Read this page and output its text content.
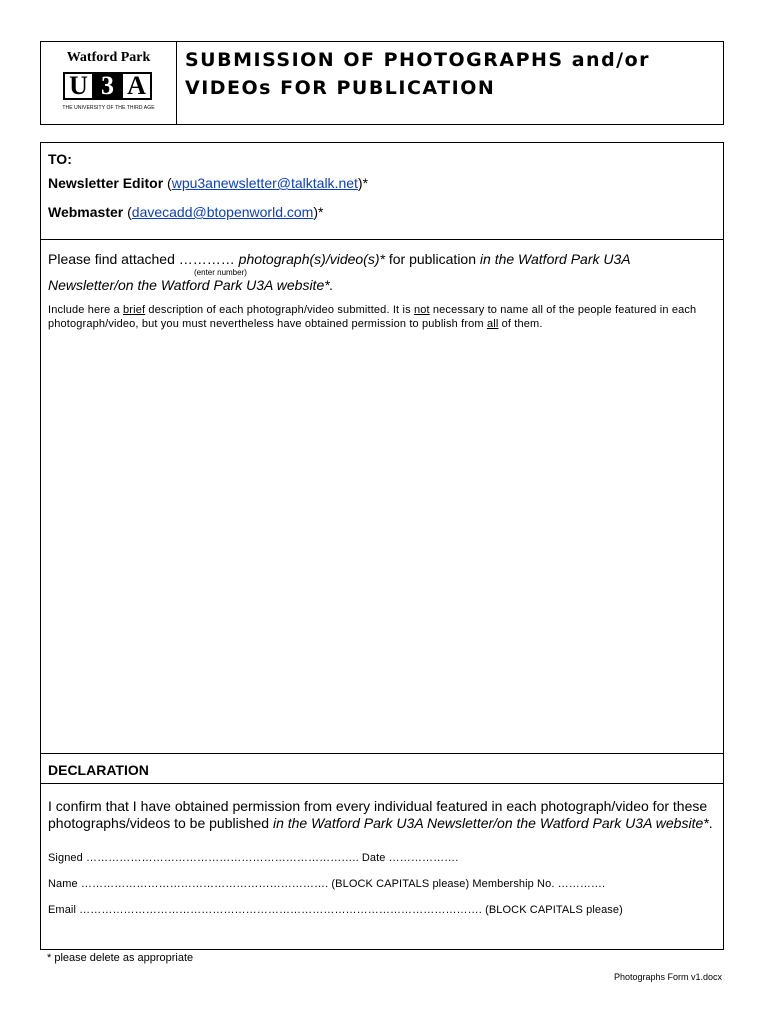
Watford Park
U 3 A
THE UNIVERSITY OF THE THIRD AGE
SUBMISSION OF PHOTOGRAPHS and/or
VIDEOs FOR PUBLICATION
TO:
Newsletter Editor (wpu3anewsletter@talktalk.net)*
Webmaster (davecadd@btopenworld.com)*
Please find attached ………… photograph(s)/video(s)* for publication in the Watford Park U3A
(enter number)
Newsletter/on the Watford Park U3A website*.
Include here a brief description of each photograph/video submitted. It is not necessary to name all of the people featured in each photograph/video, but you must nevertheless have obtained permission to publish from all of them.
DECLARATION
I confirm that I have obtained permission from every individual featured in each photograph/video for these photographs/videos to be published in the Watford Park U3A Newsletter/on the Watford Park U3A website*.
Signed ……………………………………………………………….. Date ……………….
Name …………………………………………………………. (BLOCK CAPITALS please) Membership No. ………….
Email ………………………………………………………………………………………………. (BLOCK CAPITALS please)
* please delete as appropriate
Photographs Form v1.docx
